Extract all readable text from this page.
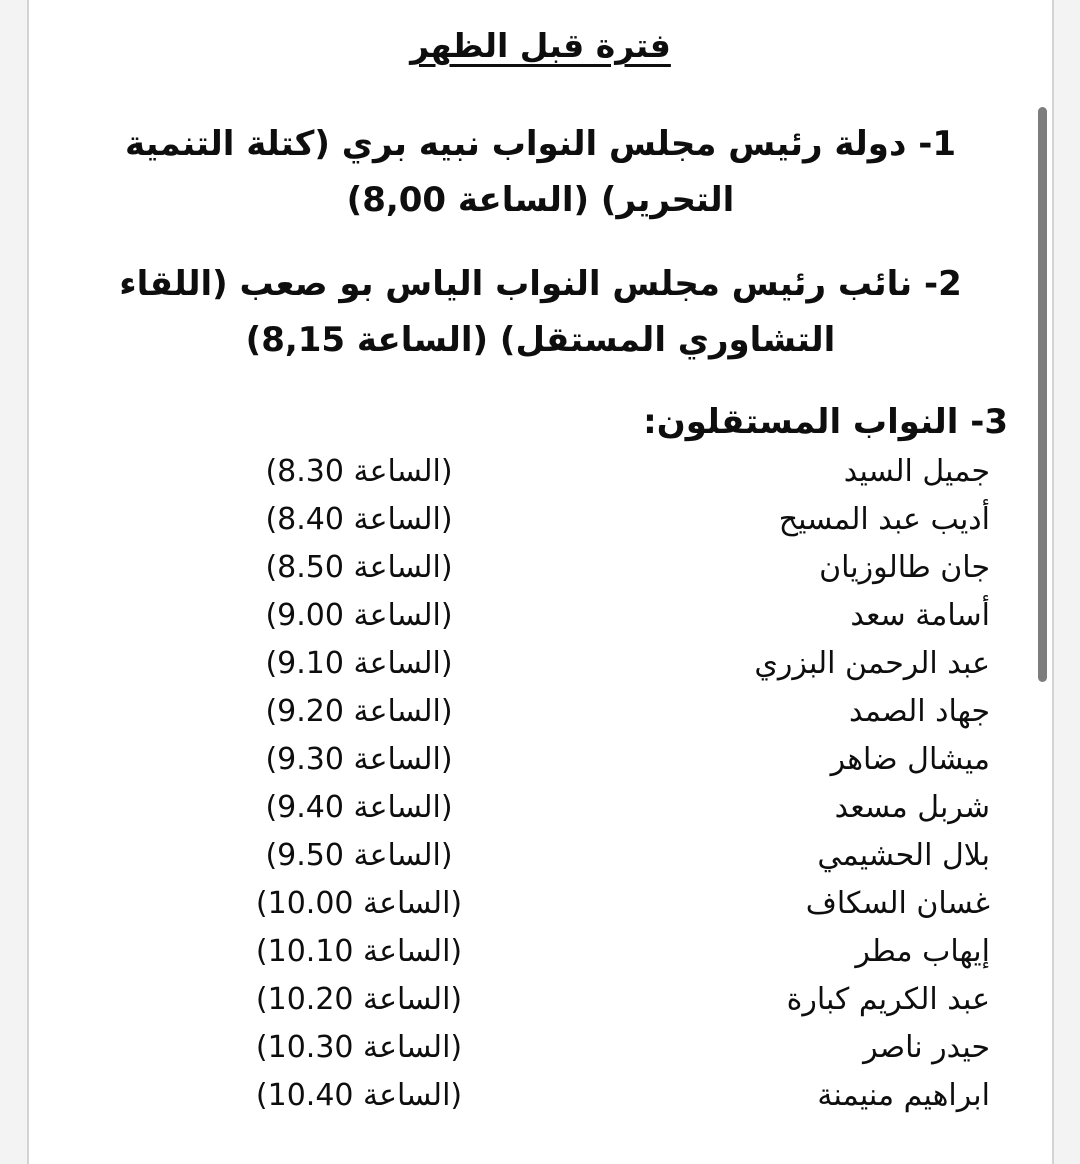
فترة قبل الظهر
1- دولة رئيس مجلس النواب نبيه بري (كتلة التنمية
التحرير) (الساعة 8,00)
2- نائب رئيس مجلس النواب الياس بو صعب (اللقاء
التشاوري المستقل) (الساعة 8,15)
3- النواب المستقلون:
جميل السيد
(الساعة 8.30)
أديب عبد المسيح
(الساعة 8.40)
جان طالوزيان
(الساعة 8.50)
أسامة سعد
(الساعة 9.00)
عبد الرحمن البزري
(الساعة 9.10)
جهاد الصمد
(الساعة 9.20)
ميشال ضاهر
(الساعة 9.30)
شربل مسعد
(الساعة 9.40)
بلال الحشيمي
(الساعة 9.50)
غسان السكاف
(الساعة 10.00)
إيهاب مطر
(الساعة 10.10)
عبد الكريم كبارة
(الساعة 10.20)
حيدر ناصر
(الساعة 10.30)
ابراهيم منيمنة
(الساعة 10.40)
